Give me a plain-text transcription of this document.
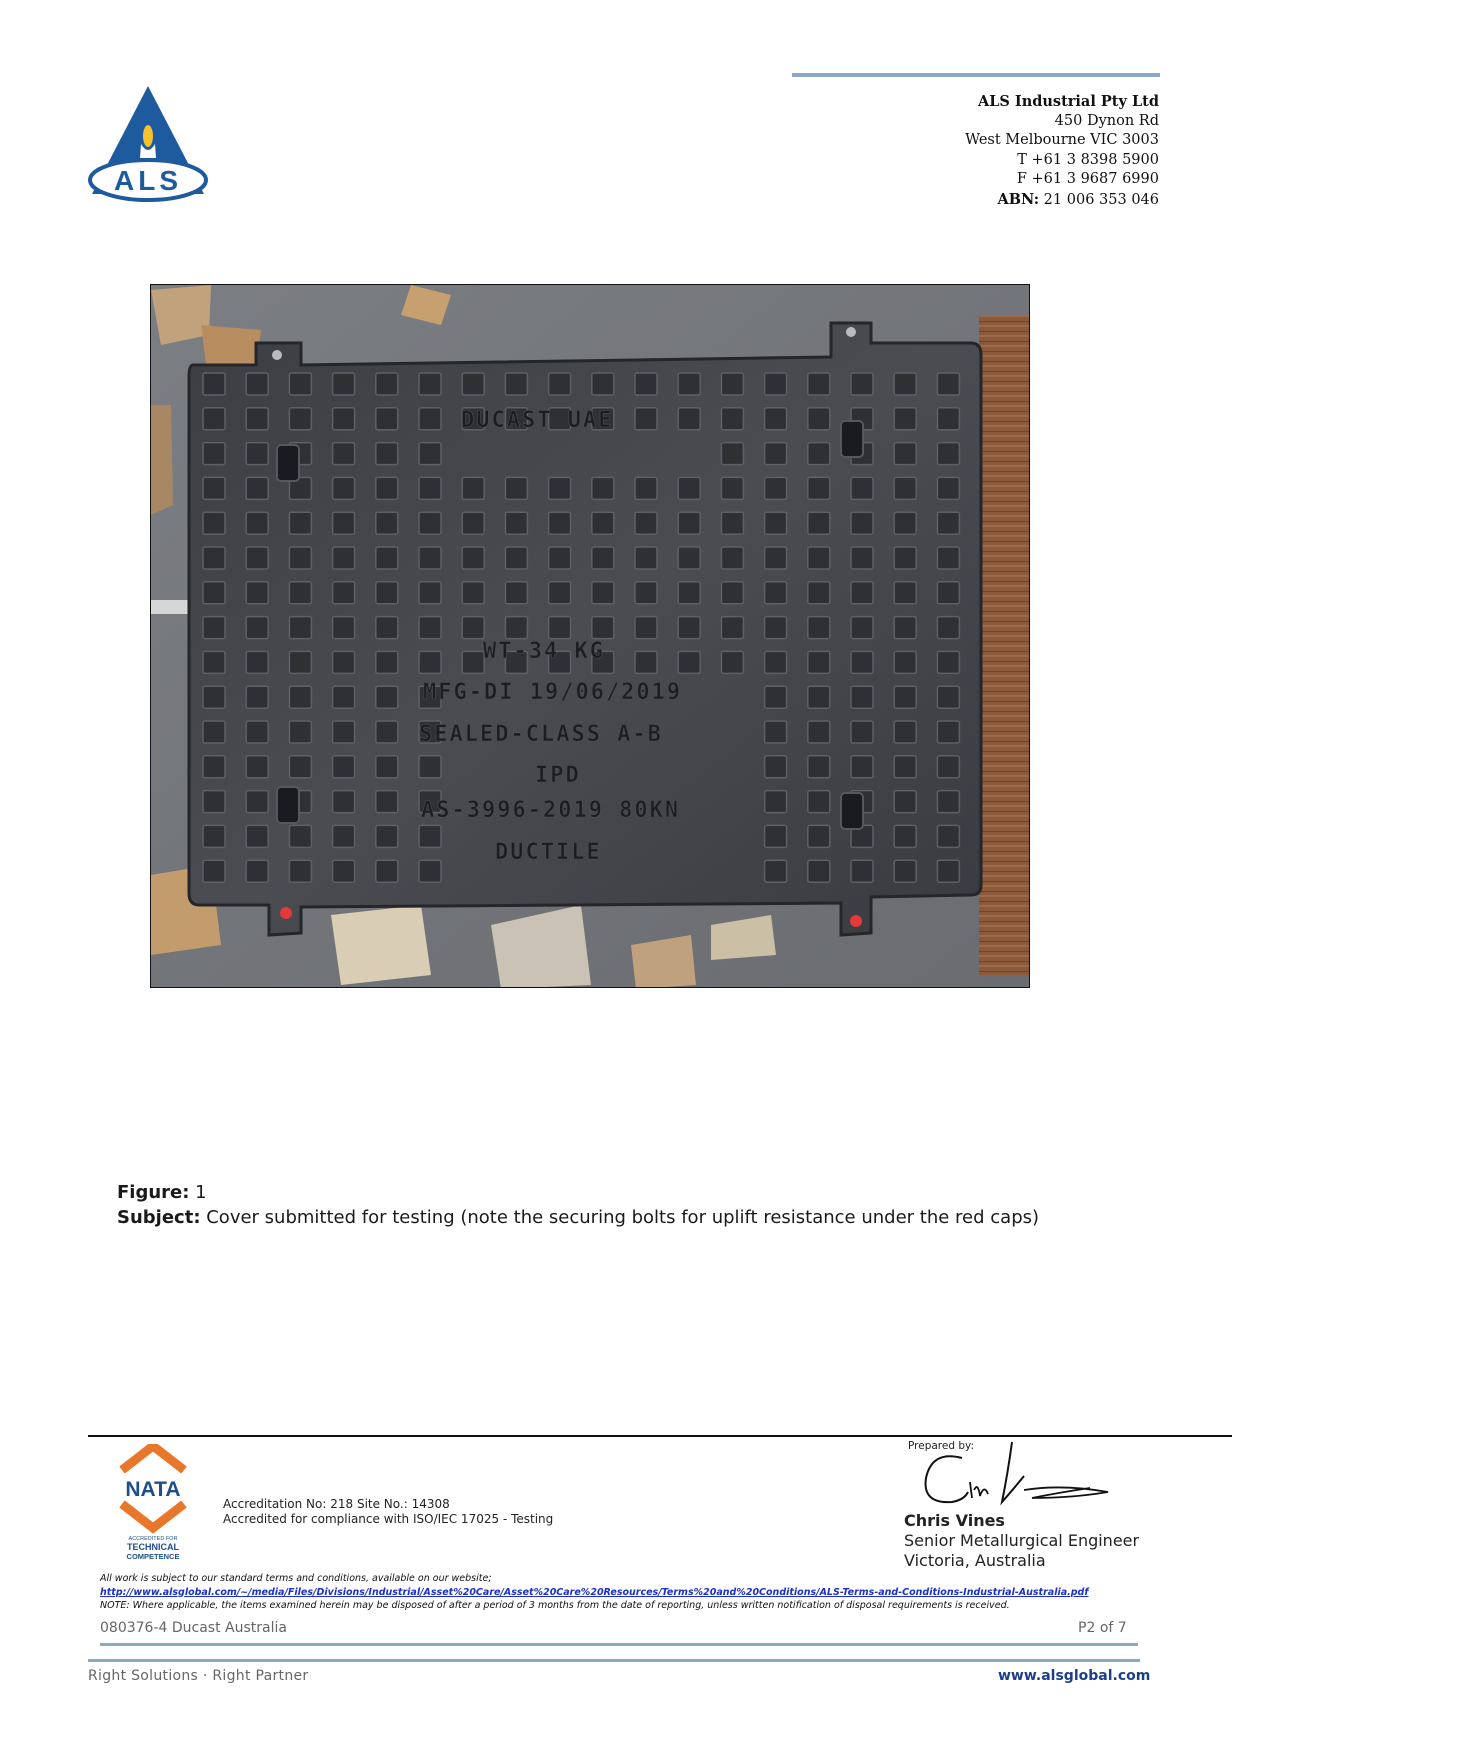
ALS
ALS Industrial Pty Ltd
450 Dynon Rd
West Melbourne VIC 3003
T +61 3 8398 5900
F +61 3 9687 6990
ABN: 21 006 353 046
DUCAST UAE
WT-34 KG
MFG-DI 19/06/2019
SEALED-CLASS A-B
IPD
AS-3996-2019 80KN
DUCTILE
Figure: 1
Subject: Cover submitted for testing (note the securing bolts for uplift resistance under the red caps)
NATA
ACCREDITED FOR
TECHNICAL
COMPETENCE
Accreditation No: 218 Site No.: 14308
Accredited for compliance with ISO/IEC 17025 - Testing
Prepared by:
Chris Vines
Senior Metallurgical Engineer
Victoria, Australia
All work is subject to our standard terms and conditions, available on our website;
http://www.alsglobal.com/~/media/Files/Divisions/Industrial/Asset%20Care/Asset%20Care%20Resources/Terms%20and%20Conditions/ALS-Terms-and-Conditions-Industrial-Australia.pdf
NOTE: Where applicable, the items examined herein may be disposed of after a period of 3 months from the date of reporting, unless written notification of disposal requirements is received.
080376-4 Ducast Australia	P2 of 7
Right Solutions · Right Partner	www.alsglobal.com
